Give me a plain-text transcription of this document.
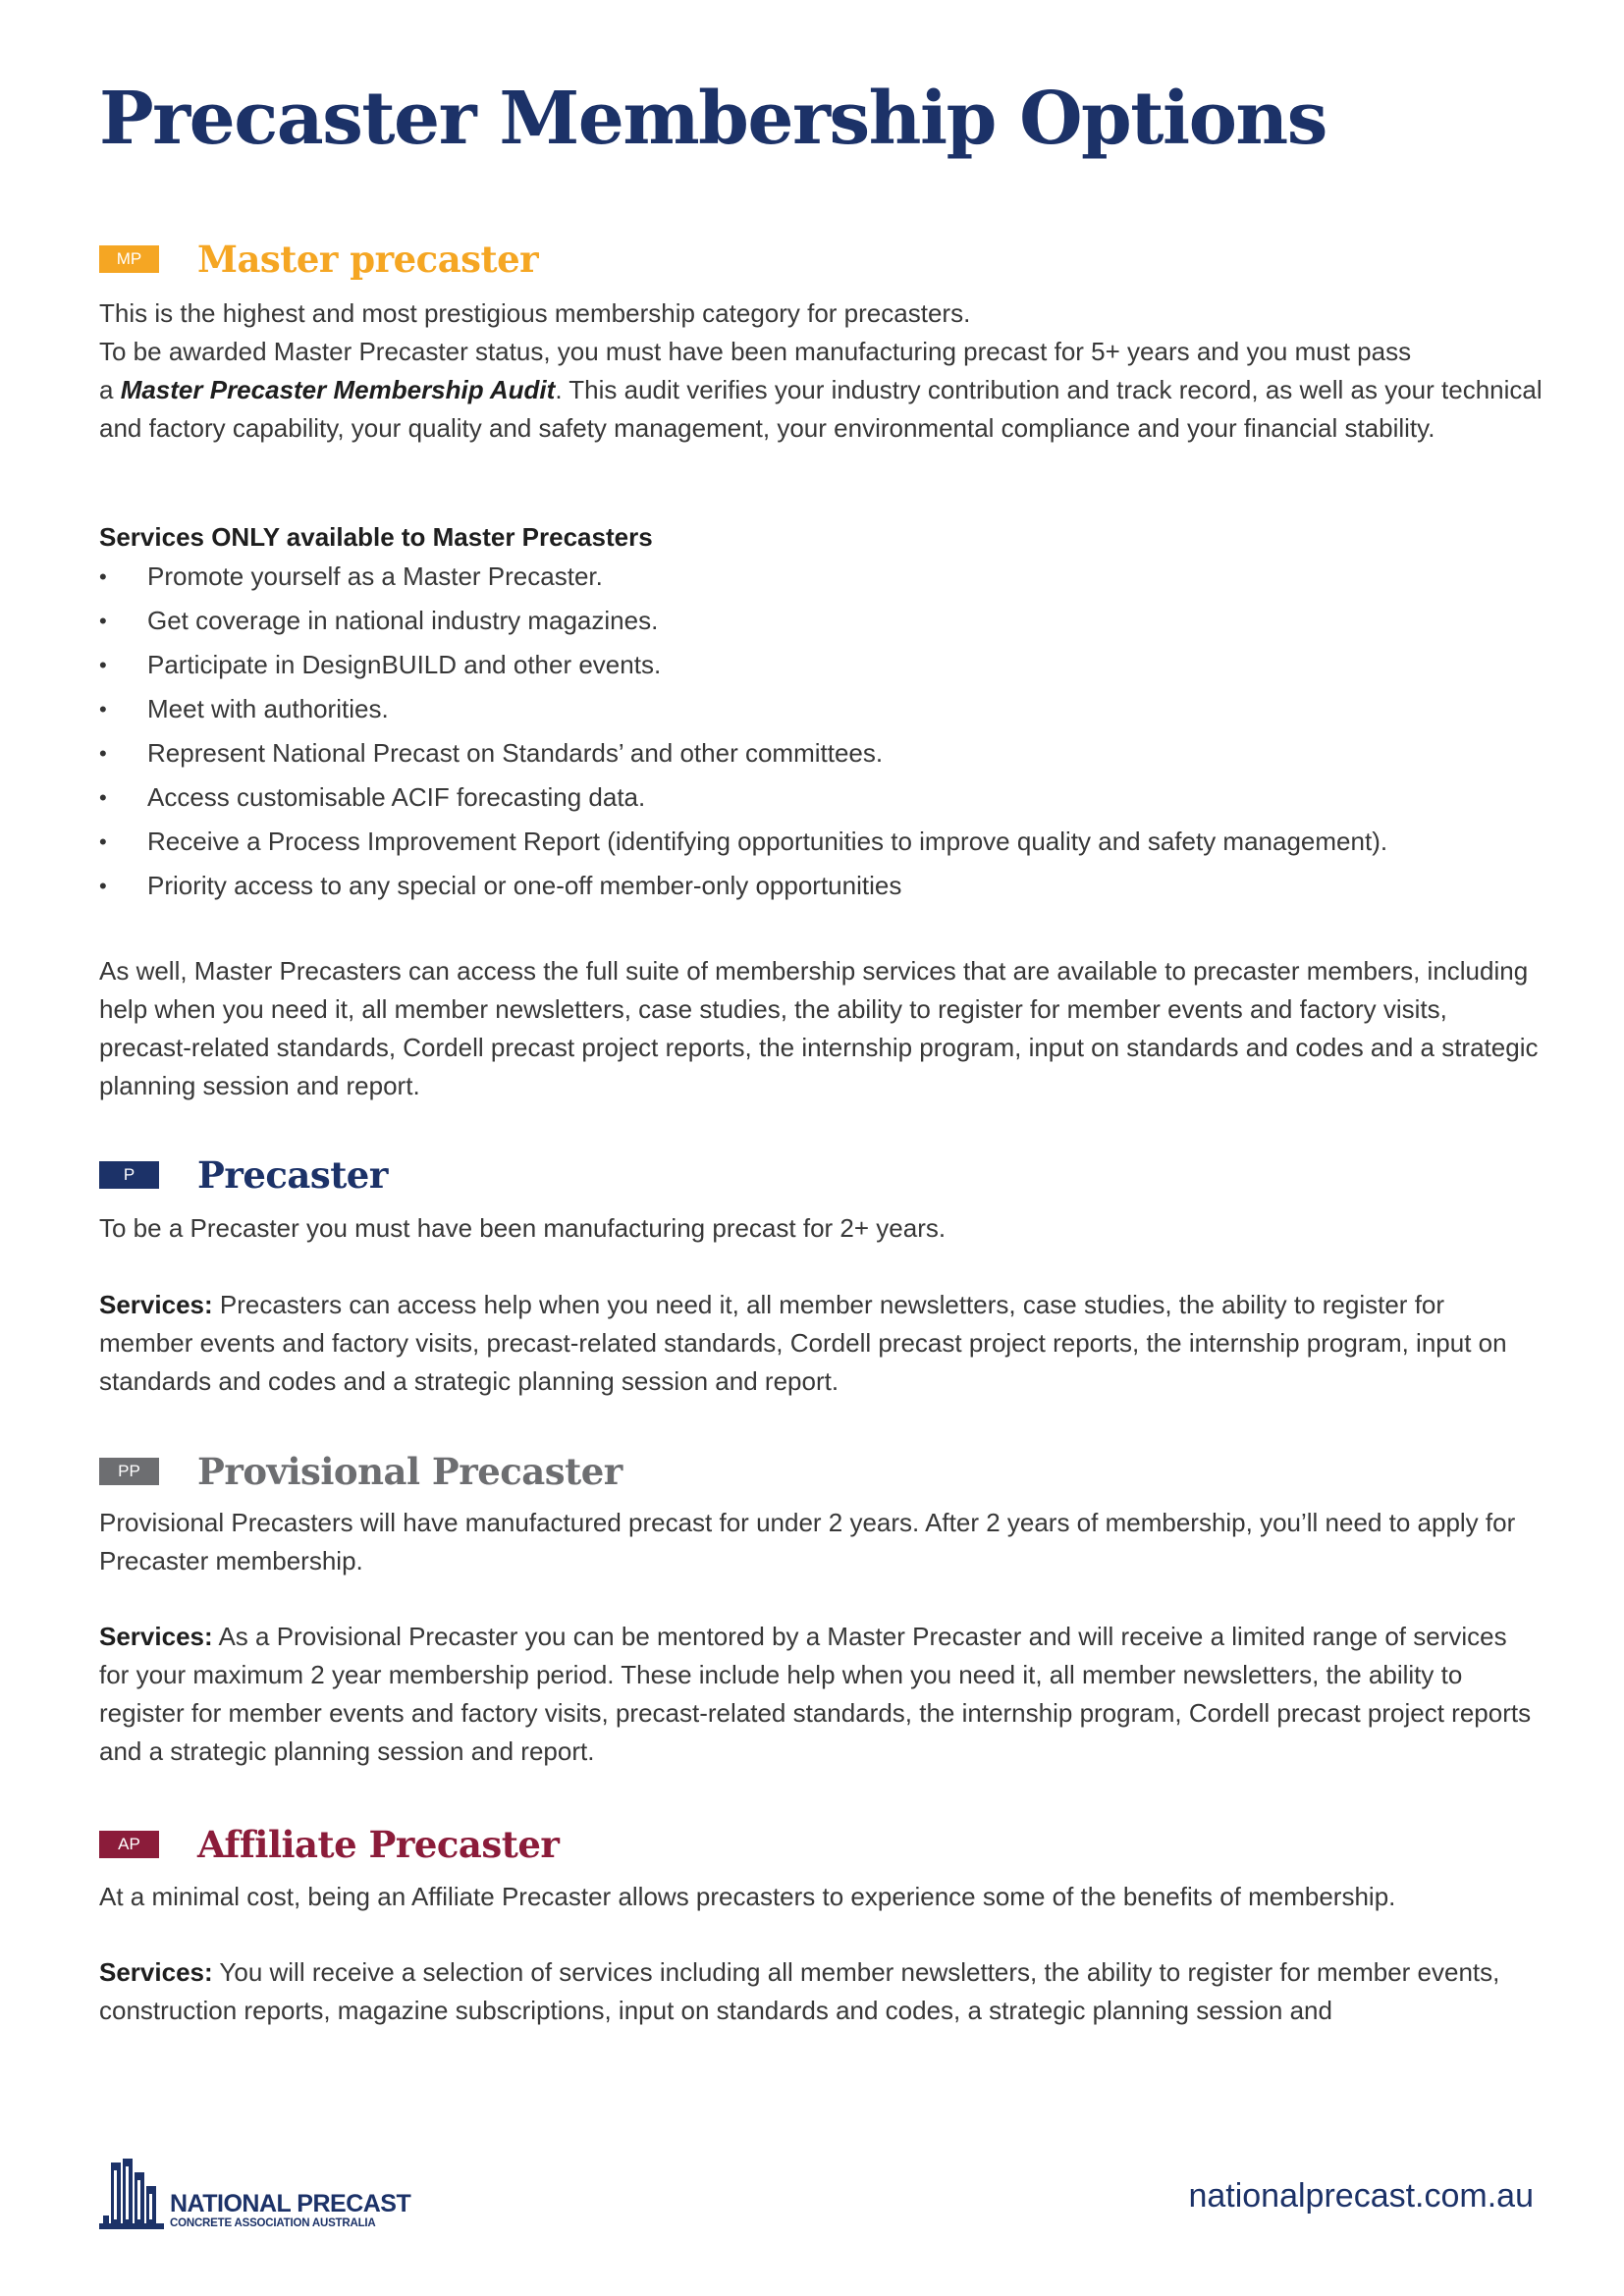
Precaster Membership Options
MP	Master precaster

This is the highest and most prestigious membership category for precasters.
To be awarded Master Precaster status, you must have been manufacturing precast for 5+ years and you must pass
a Master Precaster Membership Audit. This audit verifies your industry contribution and track record, as well as your technical and factory capability, your quality and safety management, your environmental compliance and your financial stability.

Services ONLY available to Master Precasters

• Promote yourself as a Master Precaster.
• Get coverage in national industry magazines.
• Participate in DesignBUILD and other events.
• Meet with authorities.
• Represent National Precast on Standards’ and other committees.
• Access customisable ACIF forecasting data.
• Receive a Process Improvement Report (identifying opportunities to improve quality and safety management).
• Priority access to any special or one-off member-only opportunities

As well, Master Precasters can access the full suite of membership services that are available to precaster members, including help when you need it, all member newsletters, case studies, the ability to register for member events and factory visits, precast-related standards, Cordell precast project reports, the internship program, input on standards and codes and a strategic planning session and report.

P	Precaster

To be a Precaster you must have been manufacturing precast for 2+ years.

Services: Precasters can access help when you need it, all member newsletters, case studies, the ability to register for member events and factory visits, precast-related standards, Cordell precast project reports, the internship program, input on standards and codes and a strategic planning session and report.

PP	Provisional Precaster

Provisional Precasters will have manufactured precast for under 2 years. After 2 years of membership, you’ll need to apply for Precaster membership.

Services: As a Provisional Precaster you can be mentored by a Master Precaster and will receive a limited range of services for your maximum 2 year membership period. These include help when you need it, all member newsletters, the ability to register for member events and factory visits, precast-related standards, the internship program, Cordell precast project reports and a strategic planning session and report.

AP	Affiliate Precaster

At a minimal cost, being an Affiliate Precaster allows precasters to experience some of the benefits of membership.

Services: You will receive a selection of services including all member newsletters, the ability to register for member events, construction reports, magazine subscriptions, input on standards and codes, a strategic planning session and

NATIONAL PRECAST
CONCRETE ASSOCIATION AUSTRALIA
nationalprecast.com.au
